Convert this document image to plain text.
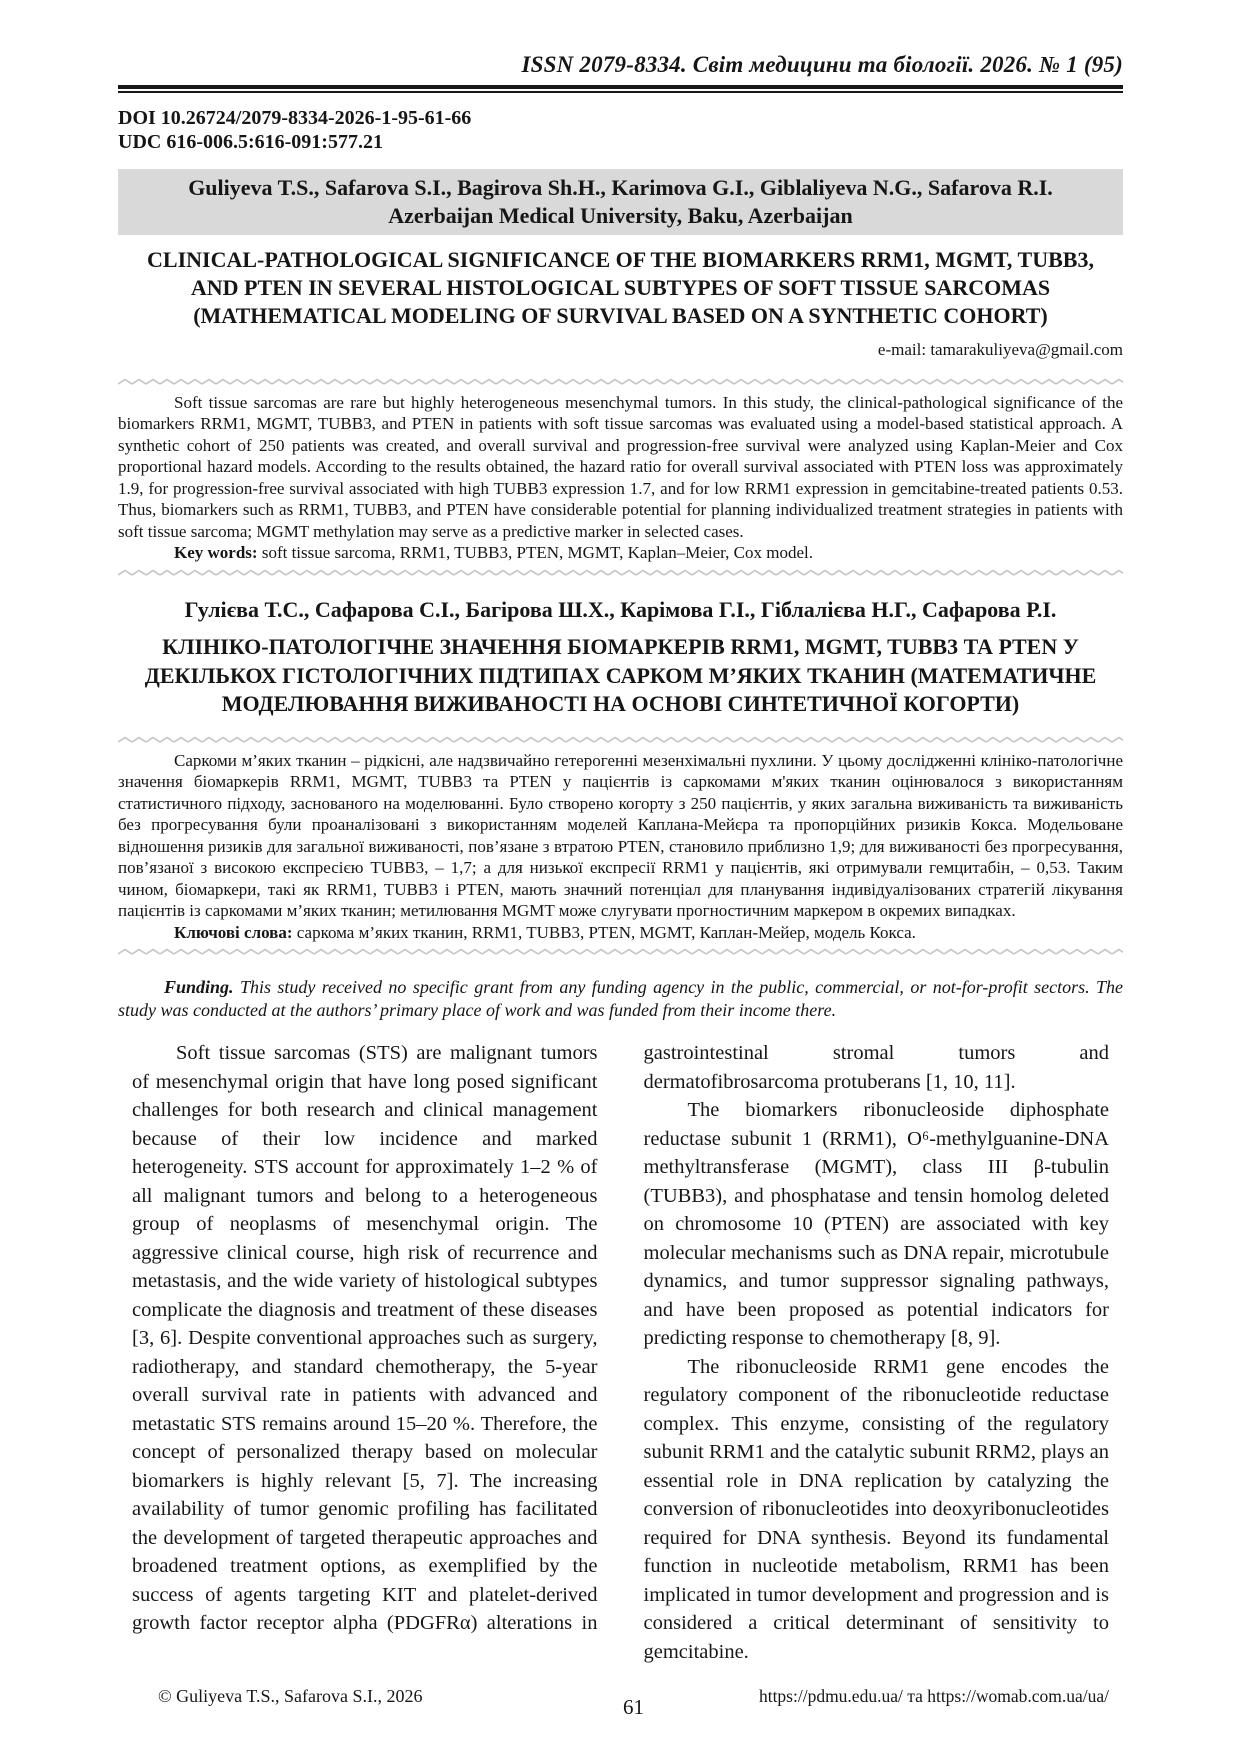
ISSN 2079-8334. Світ медицини та біології. 2026. № 1 (95)
DOI 10.26724/2079-8334-2026-1-95-61-66
UDC 616-006.5:616-091:577.21
Guliyeva T.S., Safarova S.I., Bagirova Sh.H., Karimova G.I., Giblaliyeva N.G., Safarova R.I.
Azerbaijan Medical University, Baku, Azerbaijan
CLINICAL-PATHOLOGICAL SIGNIFICANCE OF THE BIOMARKERS RRM1, MGMT, TUBB3, AND PTEN IN SEVERAL HISTOLOGICAL SUBTYPES OF SOFT TISSUE SARCOMAS (MATHEMATICAL MODELING OF SURVIVAL BASED ON A SYNTHETIC COHORT)
e-mail: tamarakuliyeva@gmail.com

Soft tissue sarcomas are rare but highly heterogeneous mesenchymal tumors. In this study, the clinical-pathological significance of the biomarkers RRM1, MGMT, TUBB3, and PTEN in patients with soft tissue sarcomas was evaluated using a model-based statistical approach. A synthetic cohort of 250 patients was created, and overall survival and progression-free survival were analyzed using Kaplan-Meier and Cox proportional hazard models. According to the results obtained, the hazard ratio for overall survival associated with PTEN loss was approximately 1.9, for progression-free survival associated with high TUBB3 expression 1.7, and for low RRM1 expression in gemcitabine-treated patients 0.53. Thus, biomarkers such as RRM1, TUBB3, and PTEN have considerable potential for planning individualized treatment strategies in patients with soft tissue sarcoma; MGMT methylation may serve as a predictive marker in selected cases.

Key words: soft tissue sarcoma, RRM1, TUBB3, PTEN, MGMT, Kaplan–Meier, Cox model.

Гулієва Т.С., Сафарова С.І., Багірова Ш.Х., Карімова Г.І., Гіблалієва Н.Г., Сафарова Р.І.
КЛІНІКО-ПАТОЛОГІЧНЕ ЗНАЧЕННЯ БІОМАРКЕРІВ RRM1, MGMT, TUBB3 ТА PTEN У ДЕКІЛЬКОХ ГІСТОЛОГІЧНИХ ПІДТИПАХ САРКОМ М’ЯКИХ ТКАНИН (МАТЕМАТИЧНЕ МОДЕЛЮВАННЯ ВИЖИВАНОСТІ НА ОСНОВІ СИНТЕТИЧНОЇ КОГОРТИ)

Саркоми м’яких тканин – рідкісні, але надзвичайно гетерогенні мезенхімальні пухлини. У цьому дослідженні клініко-патологічне значення біомаркерів RRM1, MGMT, TUBB3 та PTEN у пацієнтів із саркомами м'яких тканин оцінювалося з використанням статистичного підходу, заснованого на моделюванні. Було створено когорту з 250 пацієнтів, у яких загальна виживаність та виживаність без прогресування були проаналізовані з використанням моделей Каплана-Мейєра та пропорційних ризиків Кокса. Модельоване відношення ризиків для загальної виживаності, пов’язане з втратою PTEN, становило приблизно 1,9; для виживаності без прогресування, пов’язаної з високою експресією TUBB3, – 1,7; а для низької експресії RRM1 у пацієнтів, які отримували гемцитабін, – 0,53. Таким чином, біомаркери, такі як RRM1, TUBB3 і PTEN, мають значний потенціал для планування індивідуалізованих стратегій лікування пацієнтів із саркомами м’яких тканин; метилювання MGMT може слугувати прогностичним маркером в окремих випадках.

Ключові слова: саркома м’яких тканин, RRM1, TUBB3, PTEN, MGMT, Каплан-Мейер, модель Кокса.

Funding. This study received no specific grant from any funding agency in the public, commercial, or not-for-profit sectors. The study was conducted at the authors’ primary place of work and was funded from their income there.

Soft tissue sarcomas (STS) are malignant tumors of mesenchymal origin that have long posed significant challenges for both research and clinical management because of their low incidence and marked heterogeneity. STS account for approximately 1–2 % of all malignant tumors and belong to a heterogeneous group of neoplasms of mesenchymal origin. The aggressive clinical course, high risk of recurrence and metastasis, and the wide variety of histological subtypes complicate the diagnosis and treatment of these diseases [3, 6]. Despite conventional approaches such as surgery, radiotherapy, and standard chemotherapy, the 5-year overall survival rate in patients with advanced and metastatic STS remains around 15–20 %. Therefore, the concept of personalized therapy based on molecular biomarkers is highly relevant [5, 7]. The increasing availability of tumor genomic profiling has facilitated the development of targeted therapeutic approaches and broadened treatment options, as exemplified by the success of agents targeting KIT and platelet-derived growth factor receptor alpha (PDGFRα) alterations in

gastrointestinal stromal tumors and dermatofibrosarcoma protuberans [1, 10, 11].

The biomarkers ribonucleoside diphosphate reductase subunit 1 (RRM1), O⁶-methylguanine-DNA methyltransferase (MGMT), class III β-tubulin (TUBB3), and phosphatase and tensin homolog deleted on chromosome 10 (PTEN) are associated with key molecular mechanisms such as DNA repair, microtubule dynamics, and tumor suppressor signaling pathways, and have been proposed as potential indicators for predicting response to chemotherapy [8, 9].

The ribonucleoside RRM1 gene encodes the regulatory component of the ribonucleotide reductase complex. This enzyme, consisting of the regulatory subunit RRM1 and the catalytic subunit RRM2, plays an essential role in DNA replication by catalyzing the conversion of ribonucleotides into deoxyribonucleotides required for DNA synthesis. Beyond its fundamental function in nucleotide metabolism, RRM1 has been implicated in tumor development and progression and is considered a critical determinant of sensitivity to gemcitabine.

© Guliyeva T.S., Safarova S.I., 2026	61	https://pdmu.edu.ua/ та https://womab.com.ua/ua/
